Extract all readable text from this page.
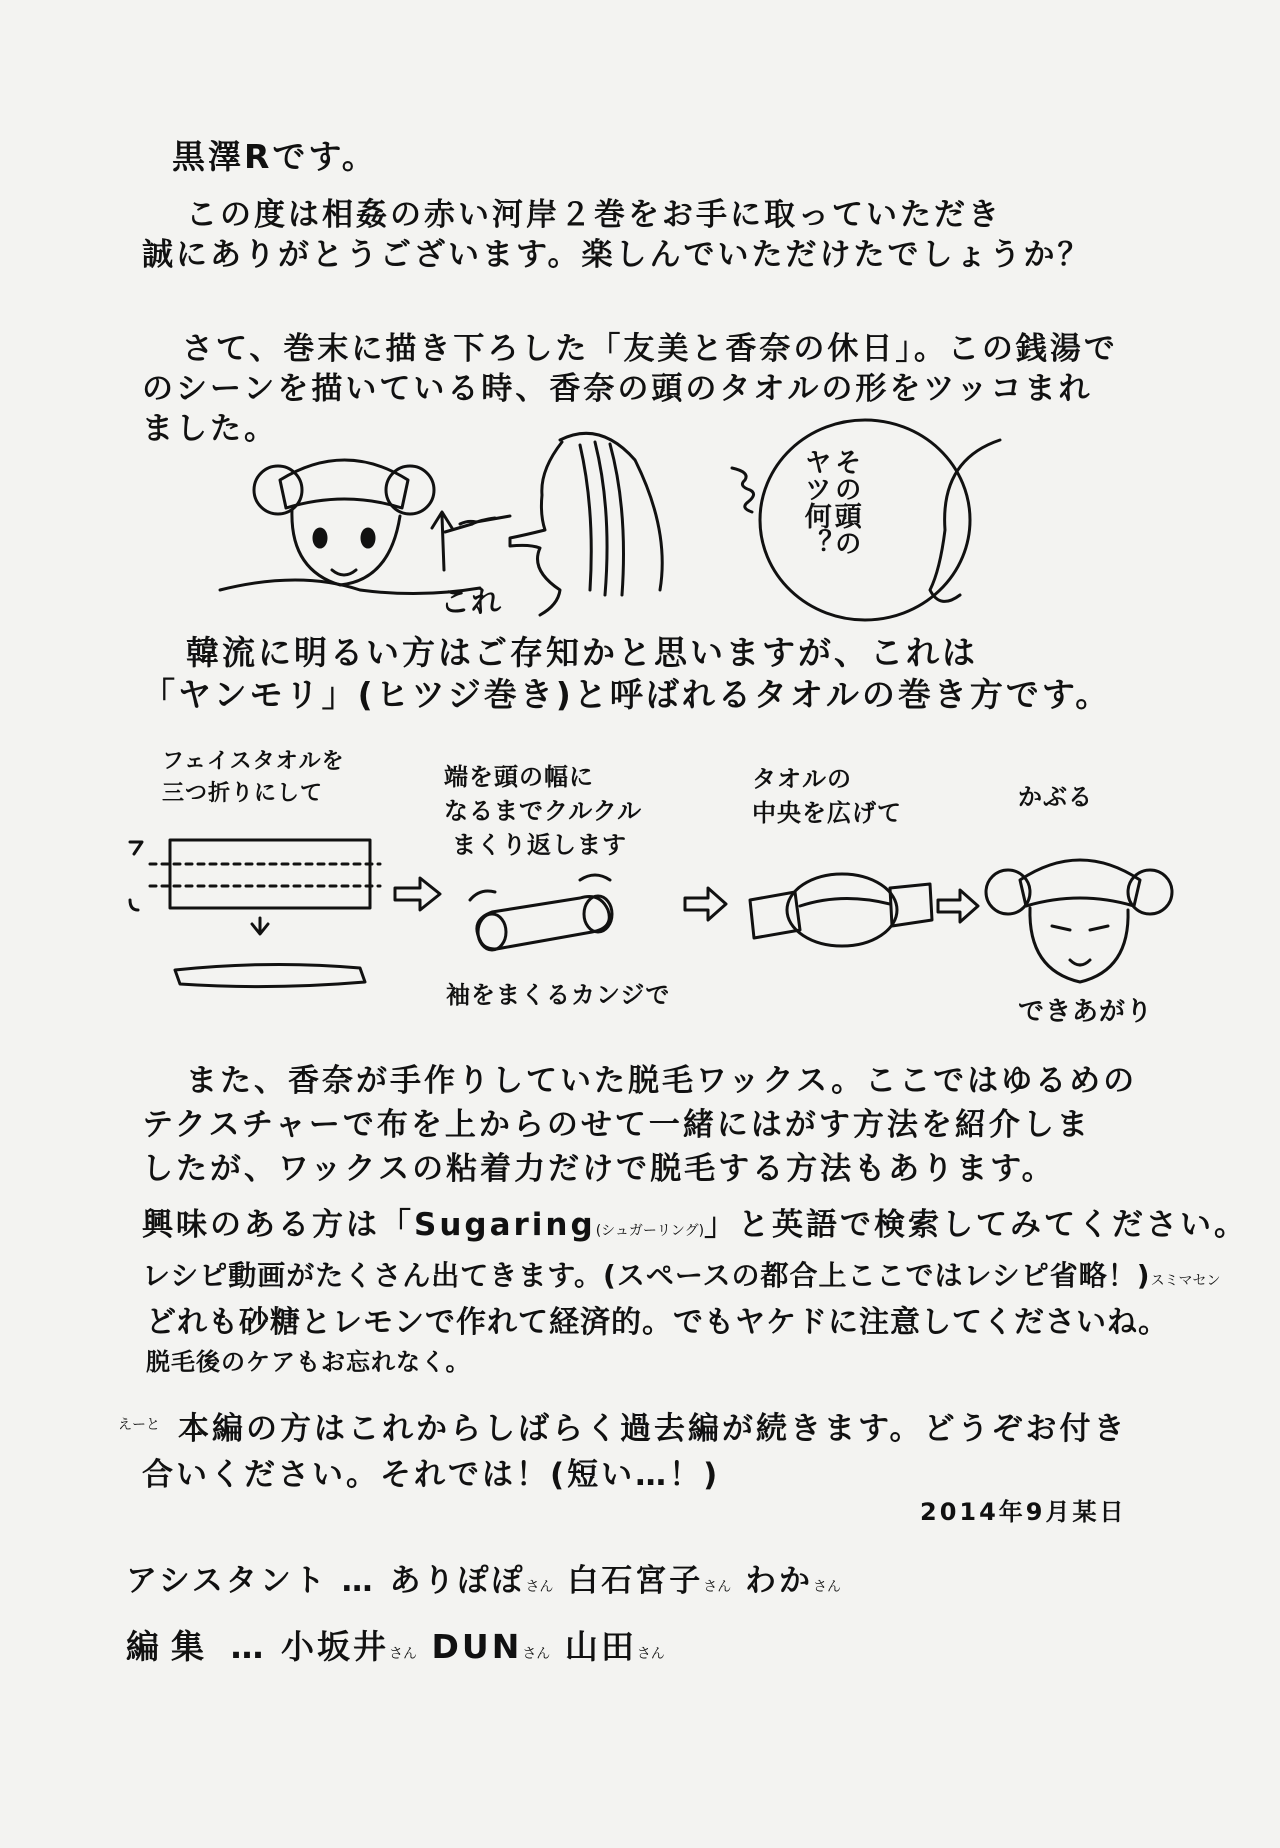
黒澤Rです。
この度は相姦の赤い河岸２巻をお手に取っていただき
誠にありがとうございます。楽しんでいただけたでしょうか？
さて、巻末に描き下ろした「友美と香奈の休日」。この銭湯で
のシーンを描いている時、香奈の頭のタオルの形をツッコまれ
ました。
これ
その頭の
ヤツ何？
韓流に明るい方はご存知かと思いますが、これは
「ヤンモリ」(ヒツジ巻き)と呼ばれるタオルの巻き方です。
フェイスタオルを
三つ折りにして
端を頭の幅に
なるまでクルクル
まくり返します
袖をまくるカンジで
タオルの
中央を広げて
かぶる
できあがり
また、香奈が手作りしていた脱毛ワックス。ここではゆるめの
テクスチャーで布を上からのせて一緒にはがす方法を紹介しま
したが、ワックスの粘着力だけで脱毛する方法もあります。
興味のある方は「Sugaring(シュガーリング)」と英語で検索してみてください。
レシピ動画がたくさん出てきます。(スペースの都合上ここではレシピ省略！)スミマセン
どれも砂糖とレモンで作れて経済的。でもヤケドに注意してくださいね。
脱毛後のケアもお忘れなく。
えーと 本編の方はこれからしばらく過去編が続きます。どうぞお付き
合いください。それでは！(短い…！)
2014年9月某日
アシスタント … ありぽぽさん 白石宮子さん わかさん
編集 … 小坂井さん DUNさん 山田さん
